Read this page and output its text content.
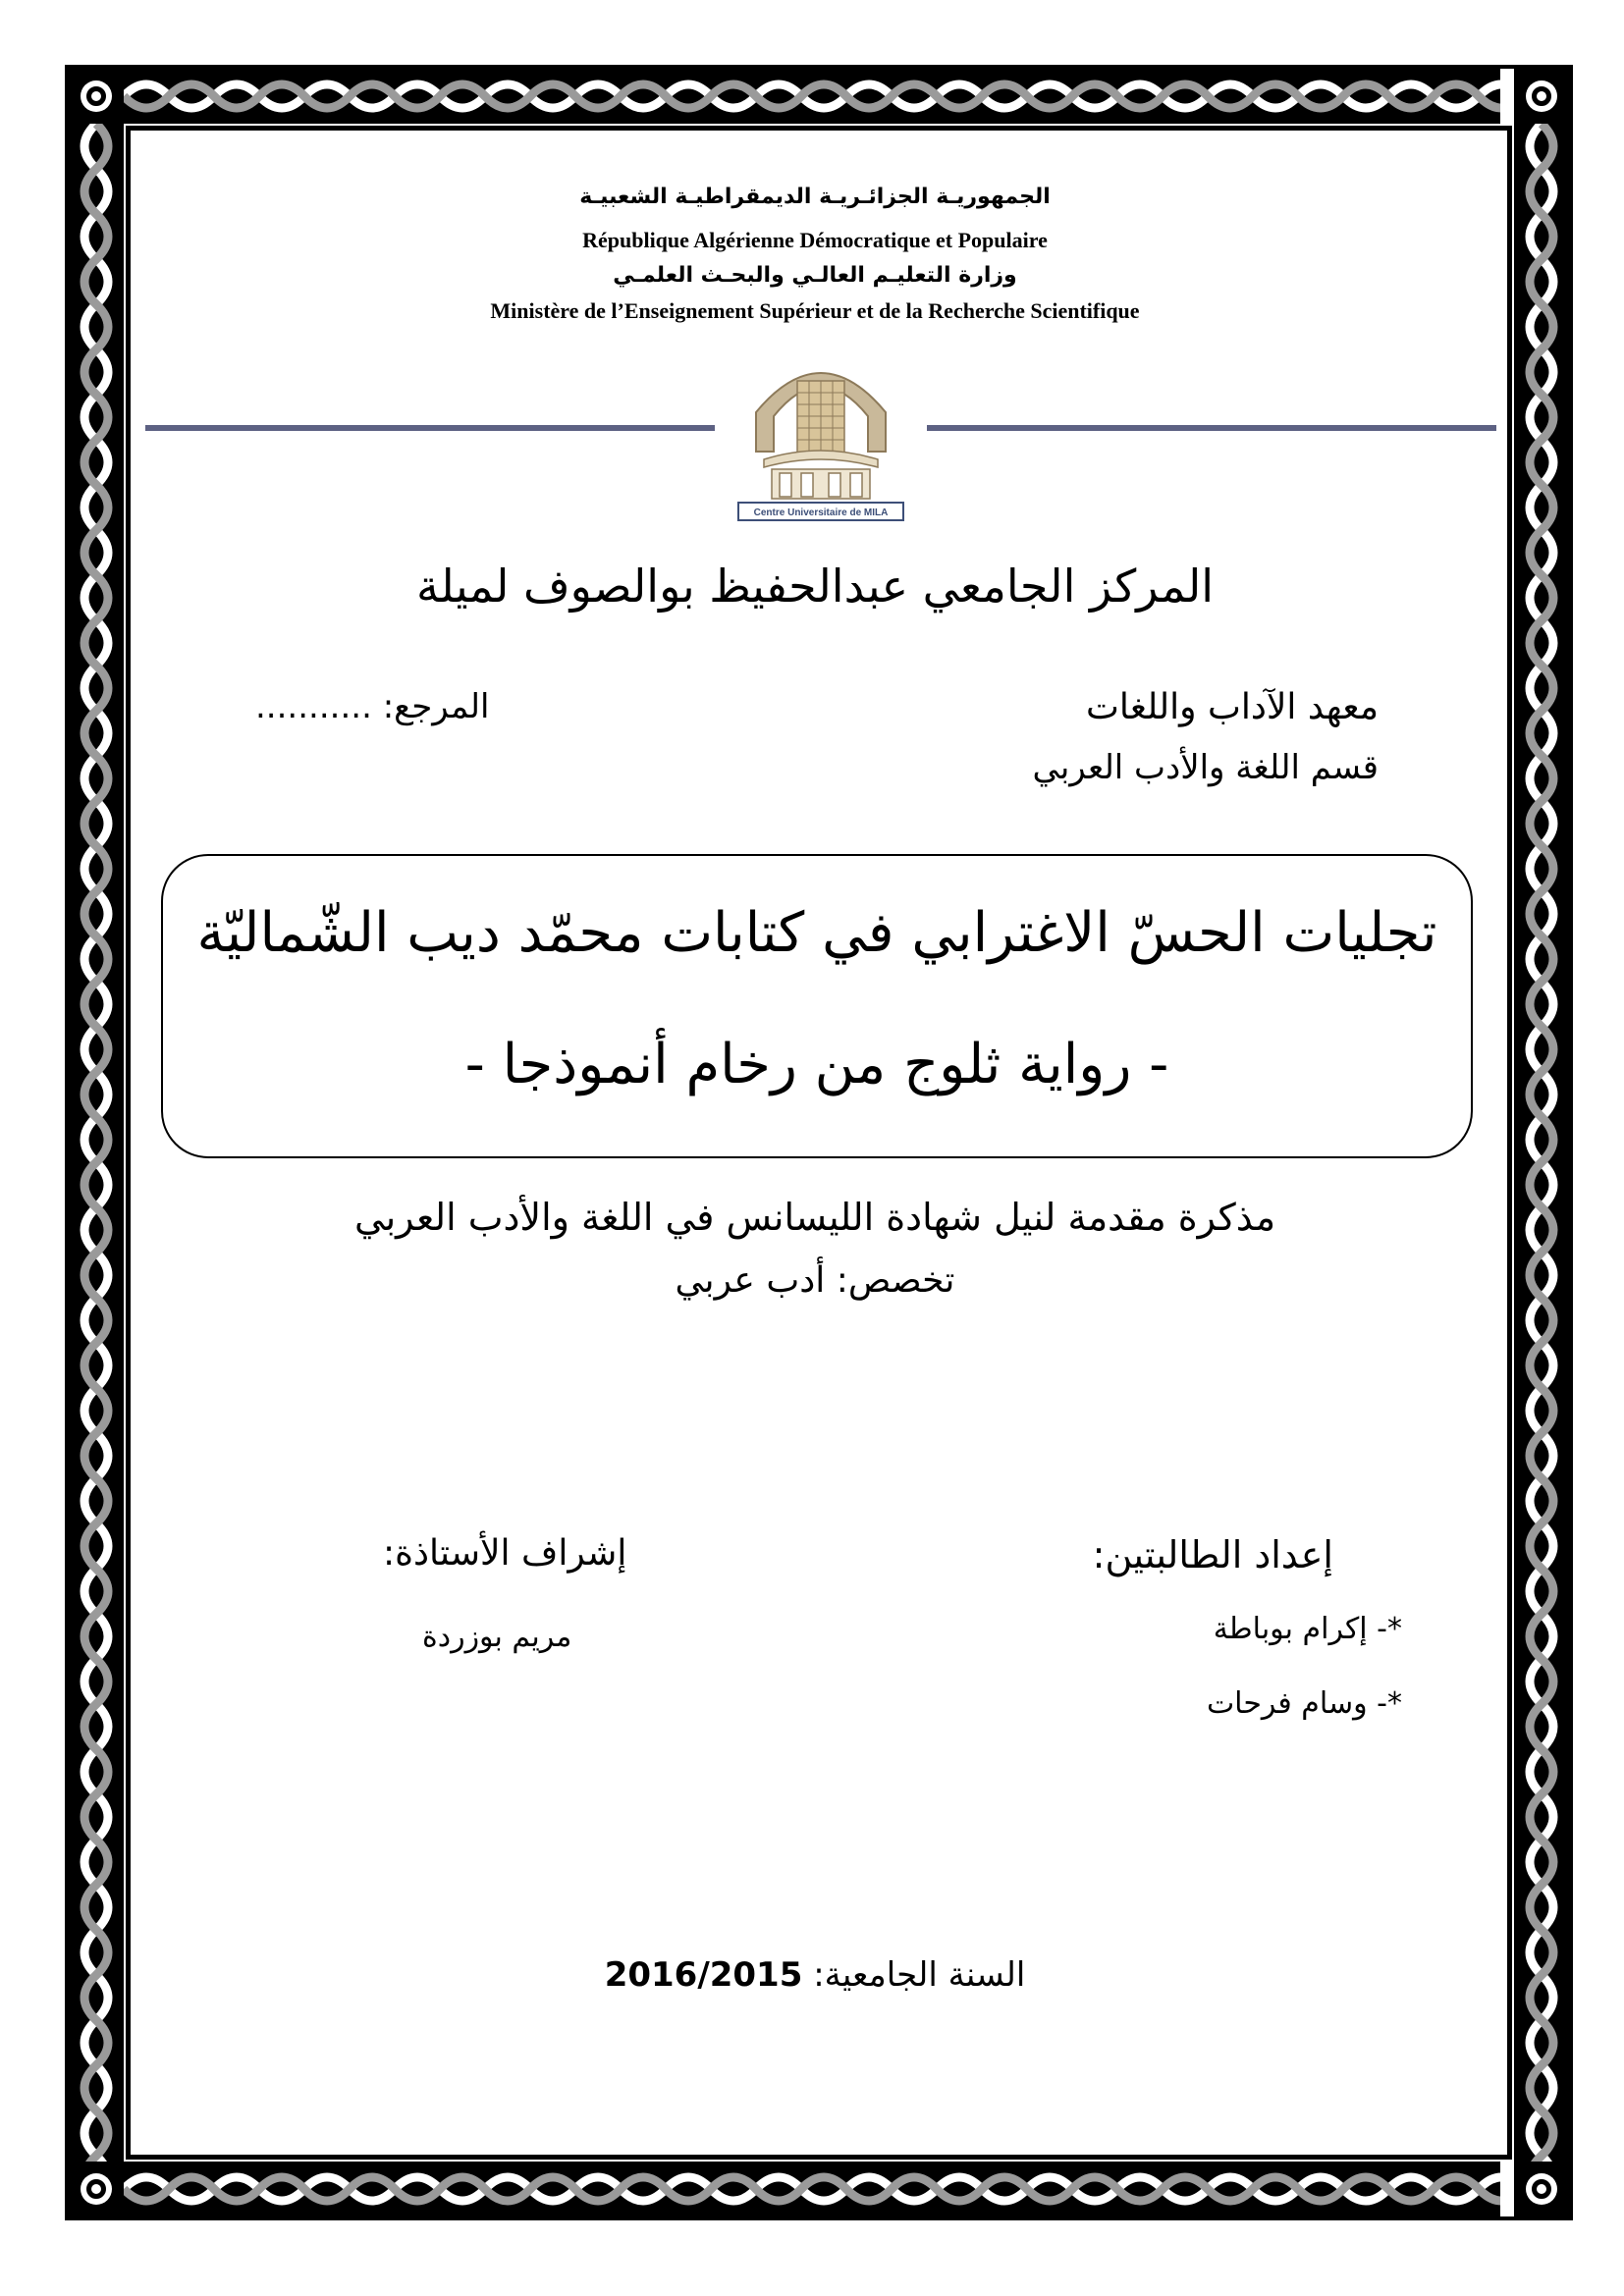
الجمهوريـة الجزائـريـة الديمقراطيـة الشعبيـة
République Algérienne Démocratique et Populaire
وزارة التعليـم العالـي والبحـث العلمـي
Ministère de l’Enseignement Supérieur et de la Recherche Scientifique
Centre Universitaire de MILA
المركز الجامعي عبدالحفيظ بوالصوف لميلة
معهد الآداب واللغات
قسم اللغة والأدب العربي
المرجع: ...........
تجليات الحسّ الاغترابي في كتابات محمّد ديب الشّماليّة
- رواية ثلوج من رخام أنموذجا -
مذكرة مقدمة لنيل شهادة الليسانس في اللغة والأدب العربي
تخصص: أدب عربي
إعداد الطالبتين:
إشراف الأستاذة:
*- إكرام بوباطة
*- وسام فرحات
مريم بوزردة
السنة الجامعية: 2016/2015
